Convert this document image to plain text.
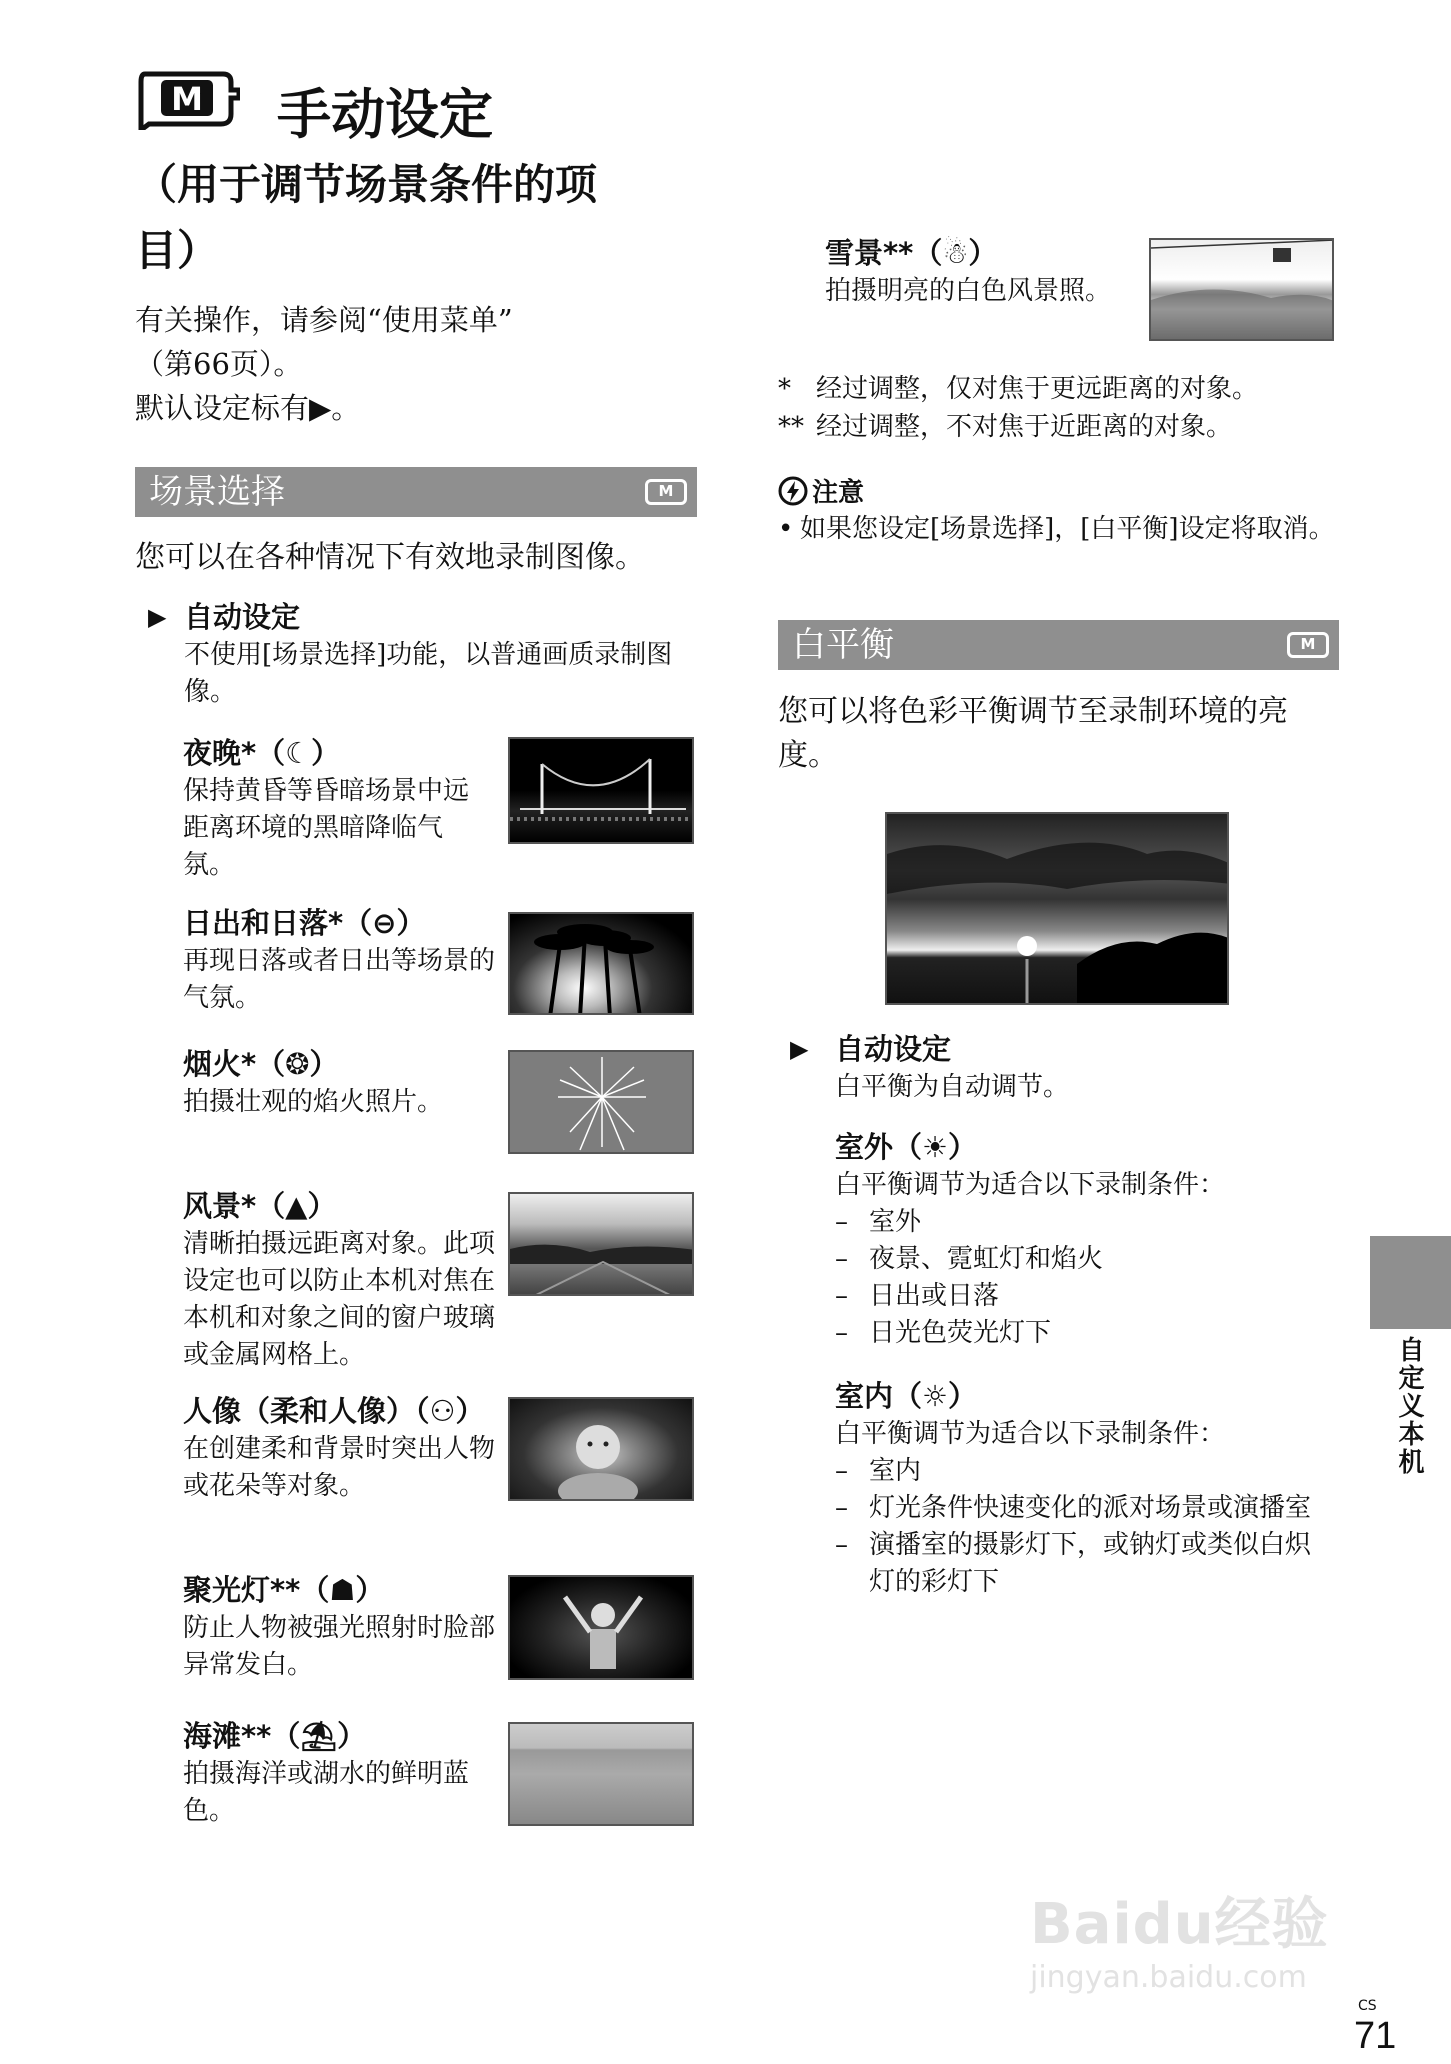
M 手动设定
（用于调节场景条件的项目）
有关操作，请参阅“使用菜单”
（第66页）。
默认设定标有▶。
场景选择	M
您可以在各种情况下有效地录制图像。
▶ 自动设定
不使用[场景选择]功能，以普通画质录制图像。
夜晚*（☾）
保持黄昏等昏暗场景中远距离环境的黑暗降临气氛。
日出和日落*（⊖）
再现日落或者日出等场景的气氛。
烟火*（❂）
拍摄壮观的焰火照片。
风景*（▲）
清晰拍摄远距离对象。此项设定也可以防止本机对焦在本机和对象之间的窗户玻璃或金属网格上。
人像（柔和人像）（⚇）
在创建柔和背景时突出人物或花朵等对象。
聚光灯**（☗）
防止人物被强光照射时脸部异常发白。
海滩**（⛱）
拍摄海洋或湖水的鲜明蓝色。
雪景**（☃）
拍摄明亮的白色风景照。
* 经过调整，仅对焦于更远距离的对象。
** 经过调整，不对焦于近距离的对象。
注意
• 如果您设定[场景选择]，[白平衡]设定将取消。
白平衡	M
您可以将色彩平衡调节至录制环境的亮度。
▶ 自动设定
白平衡为自动调节。
室外（☀）
白平衡调节为适合以下录制条件：
– 室外
– 夜景、霓虹灯和焰火
– 日出或日落
– 日光色荧光灯下
室内（☼）
白平衡调节为适合以下录制条件：
– 室内
– 灯光条件快速变化的派对场景或演播室
– 演播室的摄影灯下，或钠灯或类似白炽灯的彩灯下
自定义本机
Baidu经验
jingyan.baidu.com
CS
71
